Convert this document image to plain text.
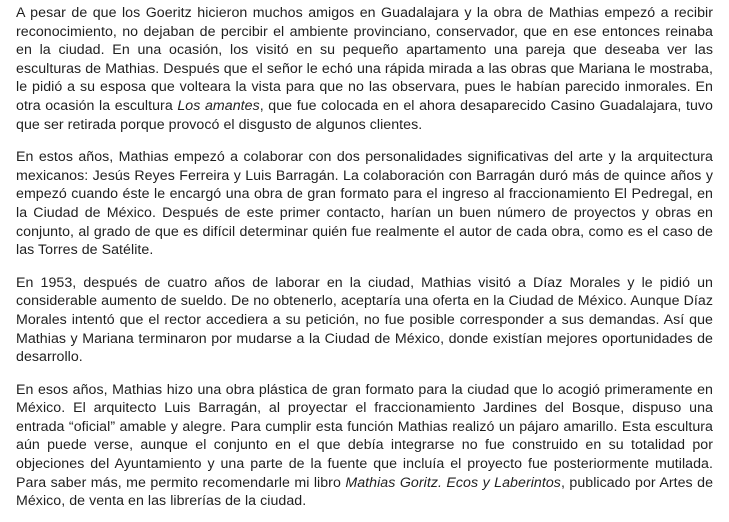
A pesar de que los Goeritz hicieron muchos amigos en Guadalajara y la obra de Mathias empezó a recibir reconocimiento, no dejaban de percibir el ambiente provinciano, conservador, que en ese entonces reinaba en la ciudad. En una ocasión, los visitó en su pequeño apartamento una pareja que deseaba ver las esculturas de Mathias. Después que el señor le echó una rápida mirada a las obras que Mariana le mostraba, le pidió a su esposa que volteara la vista para que no las observara, pues le habían parecido inmorales. En otra ocasión la escultura Los amantes, que fue colocada en el ahora desaparecido Casino Guadalajara, tuvo que ser retirada porque provocó el disgusto de algunos clientes.

En estos años, Mathias empezó a colaborar con dos personalidades significativas del arte y la arquitectura mexicanos: Jesús Reyes Ferreira y Luis Barragán. La colaboración con Barragán duró más de quince años y empezó cuando éste le encargó una obra de gran formato para el ingreso al fraccionamiento El Pedregal, en la Ciudad de México. Después de este primer contacto, harían un buen número de proyectos y obras en conjunto, al grado de que es difícil determinar quién fue realmente el autor de cada obra, como es el caso de las Torres de Satélite.

En 1953, después de cuatro años de laborar en la ciudad, Mathias visitó a Díaz Morales y le pidió un considerable aumento de sueldo. De no obtenerlo, aceptaría una oferta en la Ciudad de México. Aunque Díaz Morales intentó que el rector accediera a su petición, no fue posible corresponder a sus demandas. Así que Mathias y Mariana terminaron por mudarse a la Ciudad de México, donde existían mejores oportunidades de desarrollo.

En esos años, Mathias hizo una obra plástica de gran formato para la ciudad que lo acogió primeramente en México. El arquitecto Luis Barragán, al proyectar el fraccionamiento Jardines del Bosque, dispuso una entrada “oficial” amable y alegre. Para cumplir esta función Mathias realizó un pájaro amarillo. Esta escultura aún puede verse, aunque el conjunto en el que debía integrarse no fue construido en su totalidad por objeciones del Ayuntamiento y una parte de la fuente que incluía el proyecto fue posteriormente mutilada. Para saber más, me permito recomendarle mi libro Mathias Goritz. Ecos y Laberintos, publicado por Artes de México, de venta en las librerías de la ciudad.
